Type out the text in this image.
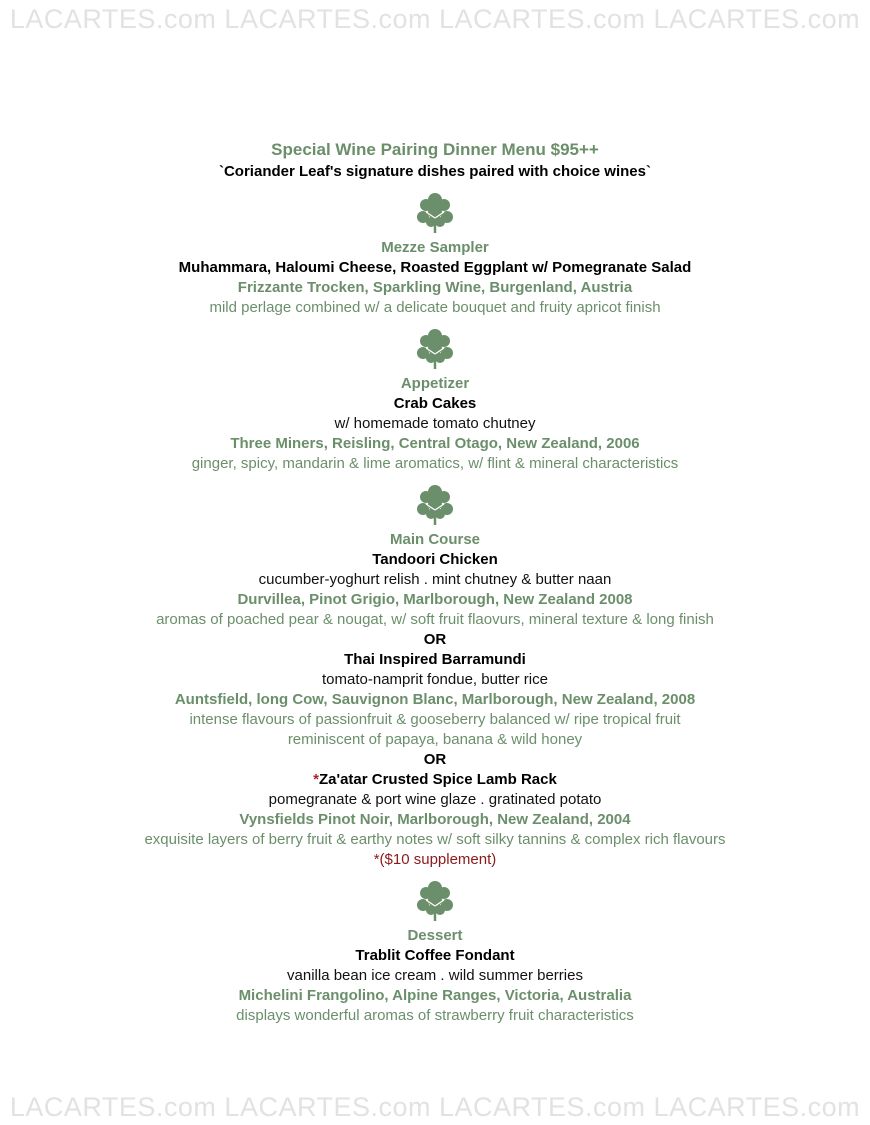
LACARTES.com LACARTES.com LACARTES.com LACARTES.com
Special Wine Pairing Dinner Menu $95++
`Coriander Leaf's signature dishes paired with choice wines`
Mezze Sampler
Muhammara, Haloumi Cheese, Roasted Eggplant w/ Pomegranate Salad
Frizzante Trocken, Sparkling Wine, Burgenland, Austria
mild perlage combined w/ a delicate bouquet and fruity apricot finish
Appetizer
Crab Cakes
w/ homemade tomato chutney
Three Miners, Reisling, Central Otago, New Zealand, 2006
ginger, spicy, mandarin & lime aromatics, w/ flint & mineral characteristics
Main Course
Tandoori Chicken
cucumber-yoghurt relish . mint chutney & butter naan
Durvillea, Pinot Grigio, Marlborough, New Zealand 2008
aromas of poached pear & nougat, w/ soft fruit flaovurs, mineral texture & long finish
OR
Thai Inspired Barramundi
tomato-namprit fondue, butter rice
Auntsfield, long Cow, Sauvignon Blanc, Marlborough, New Zealand, 2008
intense flavours of passionfruit & gooseberry balanced w/ ripe tropical fruit
reminiscent of papaya, banana & wild honey
OR
*Za'atar Crusted Spice Lamb Rack
pomegranate & port wine glaze . gratinated potato
Vynsfields Pinot Noir, Marlborough, New Zealand, 2004
exquisite layers of berry fruit & earthy notes w/ soft silky tannins & complex rich flavours
*($10 supplement)
Dessert
Trablit Coffee Fondant
vanilla bean ice cream . wild summer berries
Michelini Frangolino, Alpine Ranges, Victoria, Australia
displays wonderful aromas of strawberry fruit characteristics
LACARTES.com LACARTES.com LACARTES.com LACARTES.com
